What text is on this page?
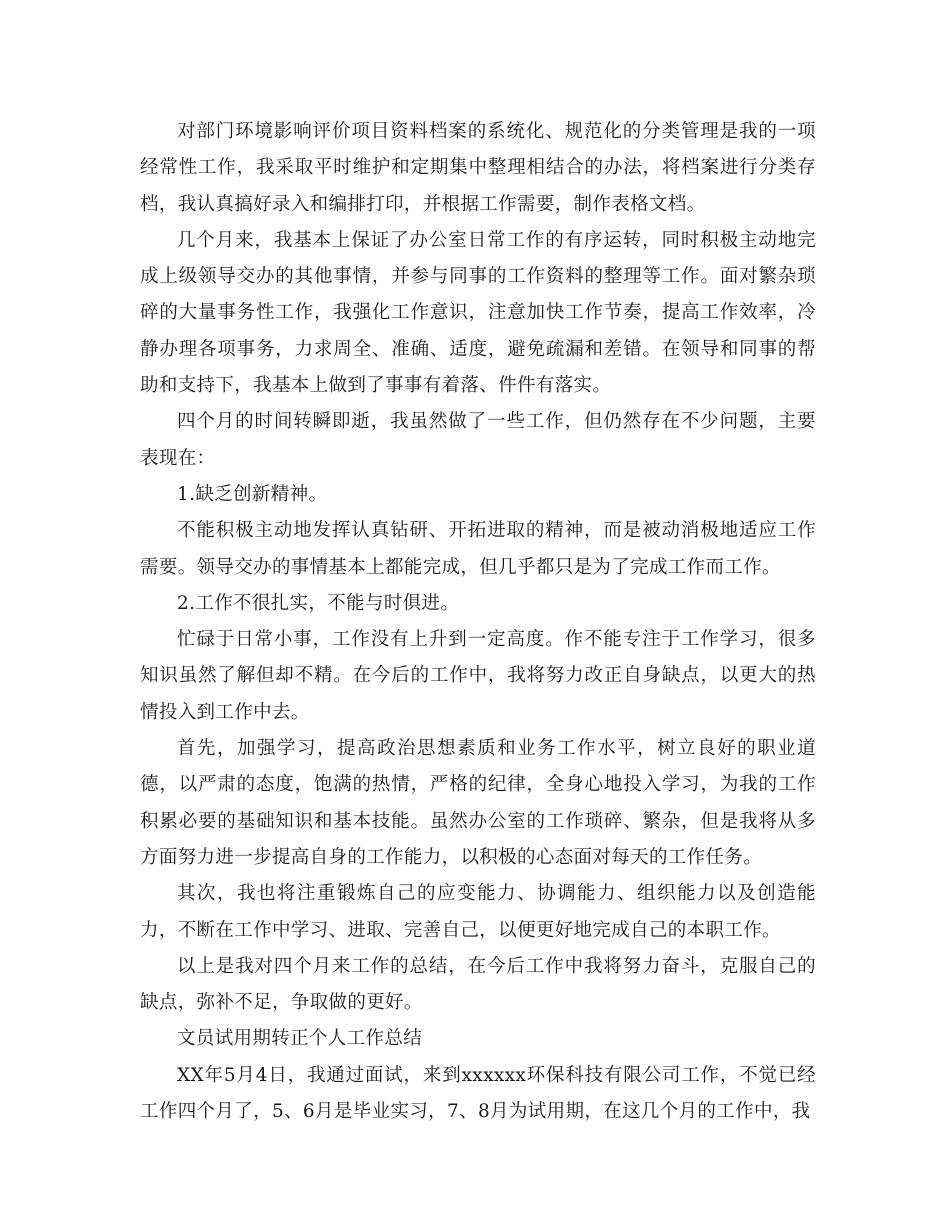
对部门环境影响评价项目资料档案的系统化、规范化的分类管理是我的一项经常性工作，我采取平时维护和定期集中整理相结合的办法，将档案进行分类存档，我认真搞好录入和编排打印，并根据工作需要，制作表格文档。

几个月来，我基本上保证了办公室日常工作的有序运转，同时积极主动地完成上级领导交办的其他事情，并参与同事的工作资料的整理等工作。面对繁杂琐碎的大量事务性工作，我强化工作意识，注意加快工作节奏，提高工作效率，冷静办理各项事务，力求周全、准确、适度，避免疏漏和差错。在领导和同事的帮助和支持下，我基本上做到了事事有着落、件件有落实。

四个月的时间转瞬即逝，我虽然做了一些工作，但仍然存在不少问题，主要表现在：

1.缺乏创新精神。

不能积极主动地发挥认真钻研、开拓进取的精神，而是被动消极地适应工作需要。领导交办的事情基本上都能完成，但几乎都只是为了完成工作而工作。

2.工作不很扎实，不能与时俱进。

忙碌于日常小事，工作没有上升到一定高度。作不能专注于工作学习，很多知识虽然了解但却不精。在今后的工作中，我将努力改正自身缺点，以更大的热情投入到工作中去。

首先，加强学习，提高政治思想素质和业务工作水平，树立良好的职业道德，以严肃的态度，饱满的热情，严格的纪律，全身心地投入学习，为我的工作积累必要的基础知识和基本技能。虽然办公室的工作琐碎、繁杂，但是我将从多方面努力进一步提高自身的工作能力，以积极的心态面对每天的工作任务。

其次，我也将注重锻炼自己的应变能力、协调能力、组织能力以及创造能力，不断在工作中学习、进取、完善自己，以便更好地完成自己的本职工作。

以上是我对四个月来工作的总结，在今后工作中我将努力奋斗，克服自己的缺点，弥补不足，争取做的更好。

文员试用期转正个人工作总结

XX年5月4日，我通过面试，来到xxxxxx环保科技有限公司工作，不觉已经工作四个月了，5、6月是毕业实习，7、8月为试用期，在这几个月的工作中，我
